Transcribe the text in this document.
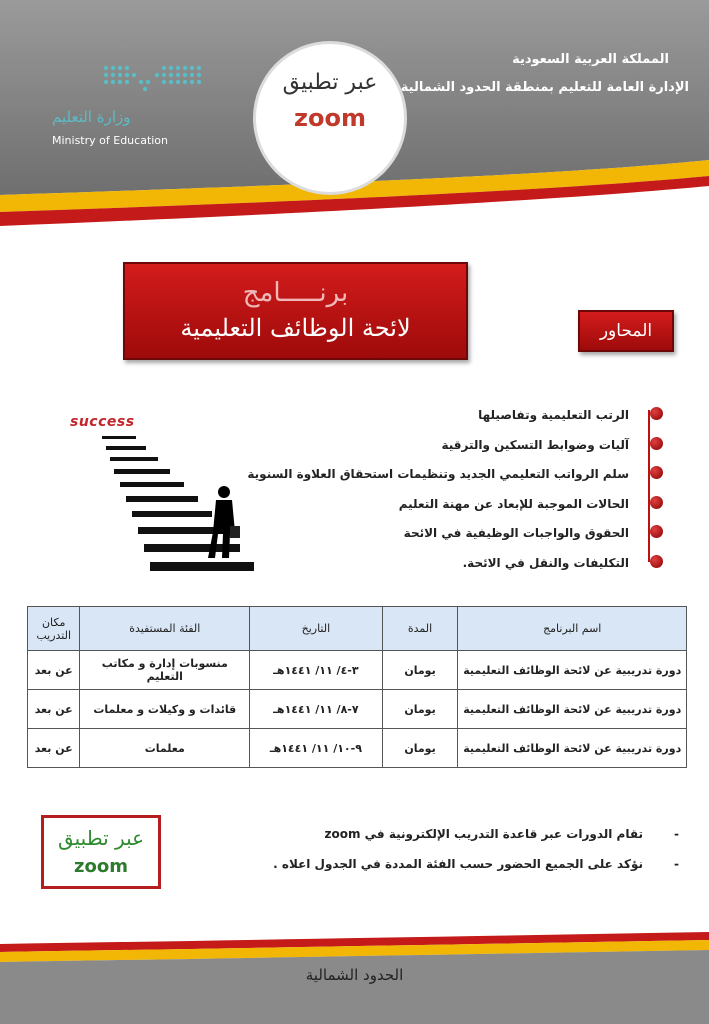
وزارة التعليم
Ministry of Education
عبر تطبيق
zoom
المملكة العربية السعودية
الإدارة العامة للتعليم بمنطقة الحدود الشمالية
برنـــــامج
لائحة الوظائف التعليمية	المحاور
success	الرتب التعليمية وتفاصيلها
آليات وضوابط التسكين والترقية
سلم الرواتب التعليمي الجديد وتنظيمات استحقاق العلاوة السنوية
الحالات الموجبة للإبعاد عن مهنة التعليم
الحقوق والواجبات الوظيفية في الائحة
التكليفات والنقل في الائحة.
اسم البرنامج	المدة	التاريخ	الفئة المستفيدة	مكان التدريب
دورة تدريبية عن لائحة الوظائف التعليمية	يومان	٣-٤/ ١١/ ١٤٤١هـ	منسوبات إدارة و مكاتب التعليم	عن بعد
دورة تدريبية عن لائحة الوظائف التعليمية	يومان	٧-٨/ ١١/ ١٤٤١هـ	قائدات و وكيلات و معلمات	عن بعد
دورة تدريبية عن لائحة الوظائف التعليمية	يومان	٩-١٠/ ١١/ ١٤٤١هـ	معلمات	عن بعد
عبر تطبيق
zoom
-
تقام الدورات عبر قاعدة التدريب الإلكترونية في zoom
-
نؤكد على الجميع الحضور حسب الفئة المددة في الجدول اعلاه .
الحدود الشمالية
